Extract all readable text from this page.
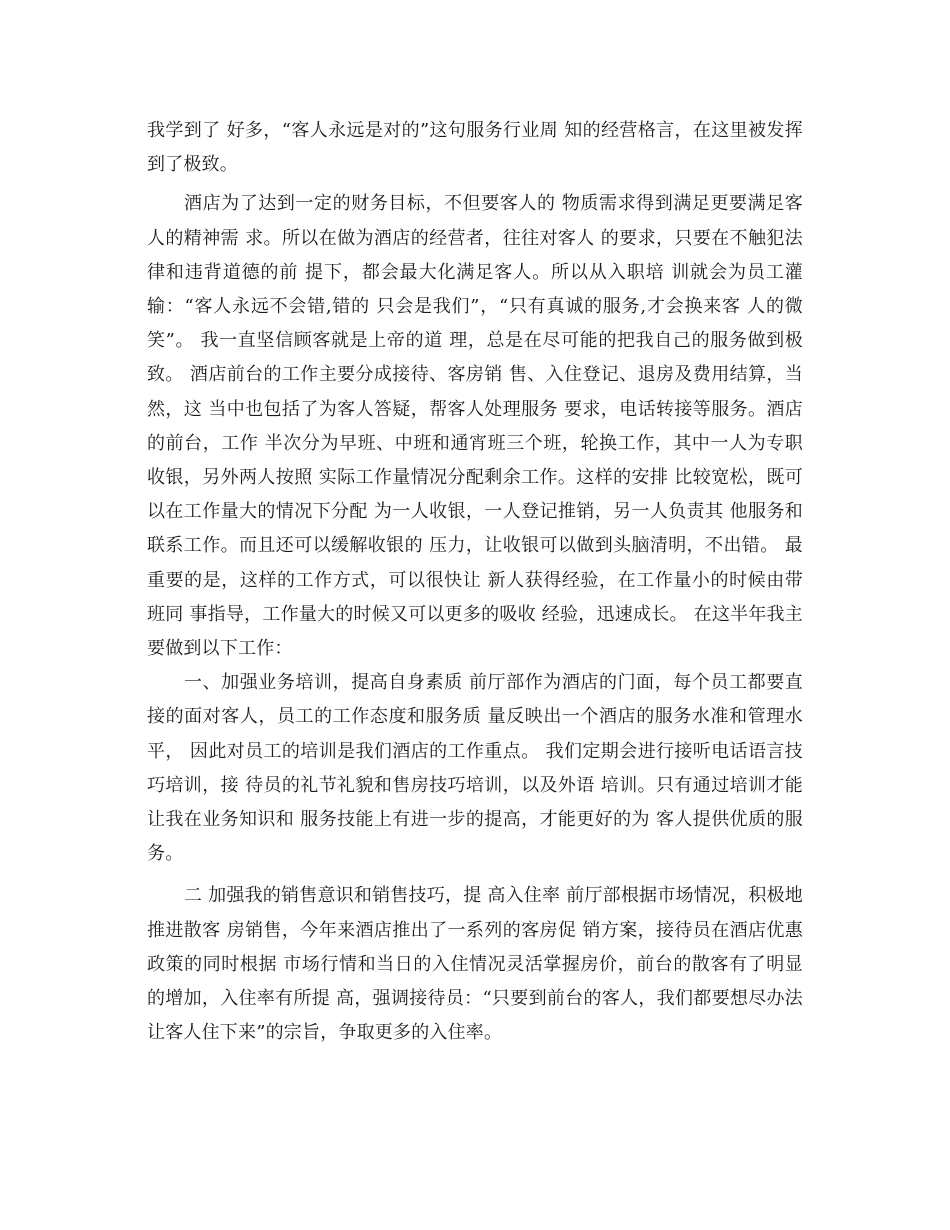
我学到了 好多，“客人永远是对的”这句服务行业周 知的经营格言，在这里被发挥到了极致。

酒店为了达到一定的财务目标，不但要客人的 物质需求得到满足更要满足客人的精神需 求。所以在做为酒店的经营者，往往对客人 的要求，只要在不触犯法律和违背道德的前 提下，都会最大化满足客人。所以从入职培 训就会为员工灌输：“客人永远不会错,错的 只会是我们”，“只有真诚的服务,才会换来客 人的微笑”。 我一直坚信顾客就是上帝的道 理，总是在尽可能的把我自己的服务做到极 致。 酒店前台的工作主要分成接待、客房销 售、入住登记、退房及费用结算，当然，这 当中也包括了为客人答疑，帮客人处理服务 要求，电话转接等服务。酒店的前台，工作 半次分为早班、中班和通宵班三个班，轮换工作，其中一人为专职收银，另外两人按照 实际工作量情况分配剩余工作。这样的安排 比较宽松，既可以在工作量大的情况下分配 为一人收银，一人登记推销，另一人负责其 他服务和联系工作。而且还可以缓解收银的 压力，让收银可以做到头脑清明，不出错。 最重要的是，这样的工作方式，可以很快让 新人获得经验，在工作量小的时候由带班同 事指导，工作量大的时候又可以更多的吸收 经验，迅速成长。 在这半年我主要做到以下工作：

一、加强业务培训，提高自身素质 前厅部作为酒店的门面，每个员工都要直接的面对客人，员工的工作态度和服务质 量反映出一个酒店的服务水准和管理水平， 因此对员工的培训是我们酒店的工作重点。 我们定期会进行接听电话语言技巧培训，接 待员的礼节礼貌和售房技巧培训，以及外语 培训。只有通过培训才能让我在业务知识和 服务技能上有进一步的提高，才能更好的为 客人提供优质的服务。

二 加强我的销售意识和销售技巧，提 高入住率 前厅部根据市场情况，积极地推进散客 房销售，今年来酒店推出了一系列的客房促 销方案，接待员在酒店优惠政策的同时根据 市场行情和当日的入住情况灵活掌握房价，前台的散客有了明显的增加，入住率有所提 高，强调接待员：“只要到前台的客人，我们都要想尽办法让客人住下来”的宗旨，争取更多的入住率。
